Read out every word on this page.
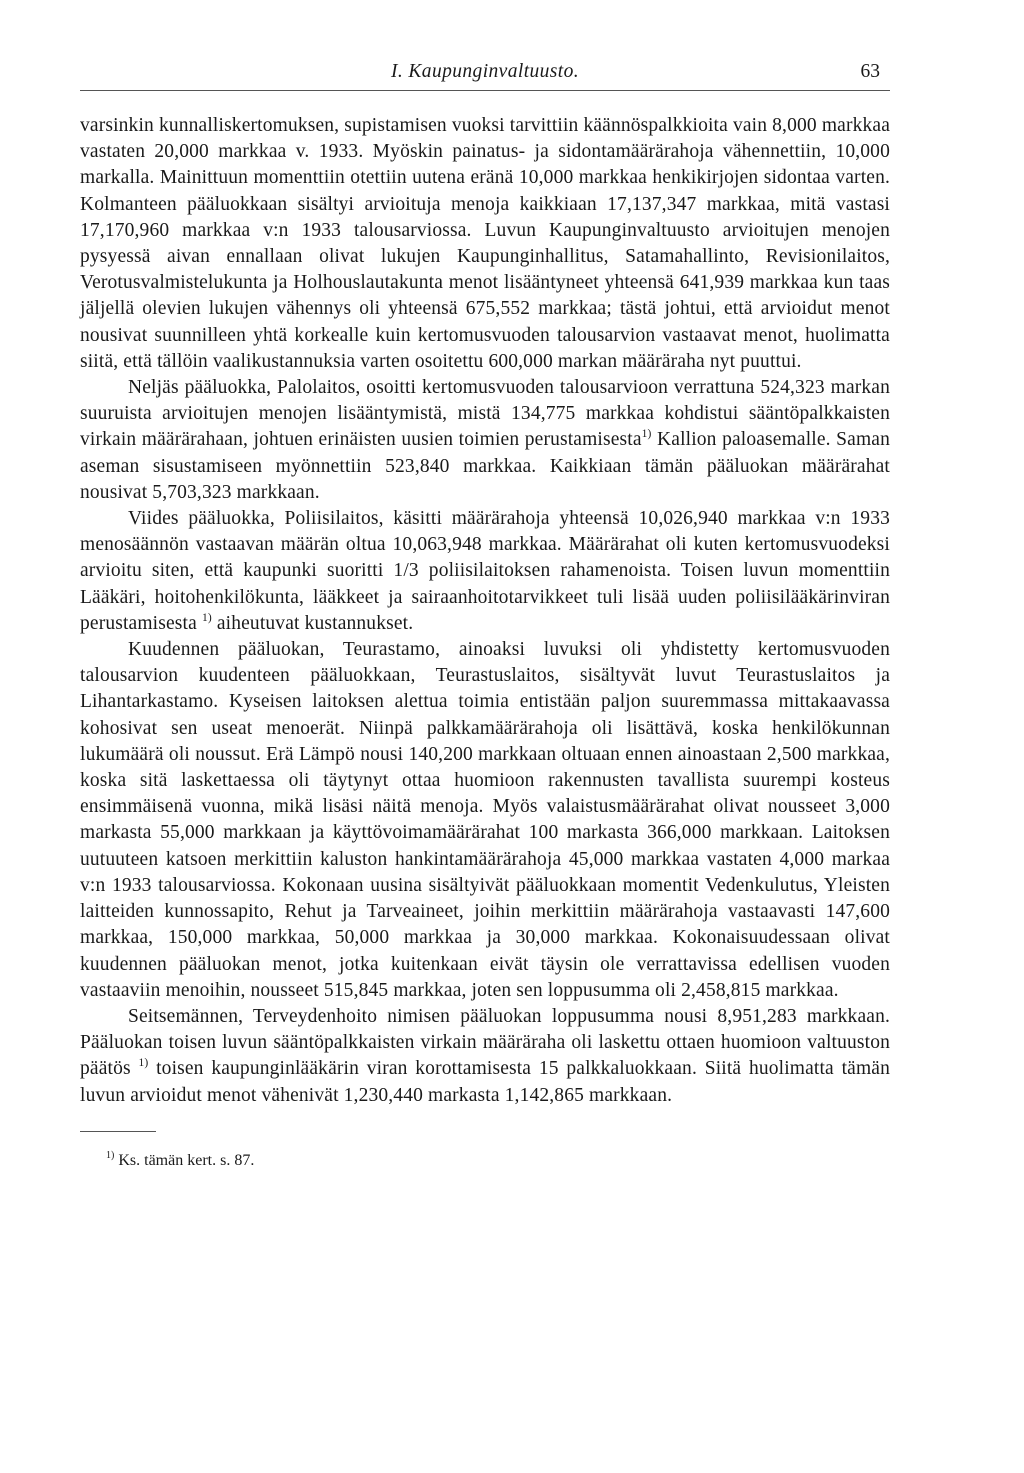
I. Kaupunginvaltuusto.	63

varsinkin kunnalliskertomuksen, supistamisen vuoksi tarvittiin käännöspalkkioita vain 8,000 markkaa vastaten 20,000 markkaa v. 1933. Myöskin painatus- ja sidontamäärärahoja vähennettiin, 10,000 markalla. Mainittuun momenttiin otettiin uutena eränä 10,000 markkaa henkikirjojen sidontaa varten. Kolmanteen pääluokkaan sisältyi arvioituja menoja kaikkiaan 17,137,347 markkaa, mitä vastasi 17,170,960 markkaa v:n 1933 talousarviossa. Luvun Kaupunginvaltuusto arvioitujen menojen pysyessä aivan ennallaan olivat lukujen Kaupunginhallitus, Satamahallinto, Revisionilaitos, Verotusvalmistelukunta ja Holhouslautakunta menot lisääntyneet yhteensä 641,939 markkaa kun taas jäljellä olevien lukujen vähennys oli yhteensä 675,552 markkaa; tästä johtui, että arvioidut menot nousivat suunnilleen yhtä korkealle kuin kertomusvuoden talousarvion vastaavat menot, huolimatta siitä, että tällöin vaalikustannuksia varten osoitettu 600,000 markan määräraha nyt puuttui.

Neljäs pääluokka, Palolaitos, osoitti kertomusvuoden talousarvioon verrattuna 524,323 markan suuruista arvioitujen menojen lisääntymistä, mistä 134,775 markkaa kohdistui sääntöpalkkaisten virkain määrärahaan, johtuen erinäisten uusien toimien perustamisesta$^{1)}$ Kallion paloasemalle. Saman aseman sisustamiseen myönnettiin 523,840 markkaa. Kaikkiaan tämän pääluokan määrärahat nousivat 5,703,323 markkaan.

Viides pääluokka, Poliisilaitos, käsitti määrärahoja yhteensä 10,026,940 markkaa v:n 1933 menosäännön vastaavan määrän oltua 10,063,948 markkaa. Määrärahat oli kuten kertomusvuodeksi arvioitu siten, että kaupunki suoritti 1/3 poliisilaitoksen rahamenoista. Toisen luvun momenttiin Lääkäri, hoitohenkilökunta, lääkkeet ja sairaanhoitotarvikkeet tuli lisää uuden poliisilääkärinviran perustamisesta $^{1)}$ aiheutuvat kustannukset.

Kuudennen pääluokan, Teurastamo, ainoaksi luvuksi oli yhdistetty kertomusvuoden talousarvion kuudenteen pääluokkaan, Teurastuslaitos, sisältyvät luvut Teurastuslaitos ja Lihantarkastamo. Kyseisen laitoksen alettua toimia entistään paljon suuremmassa mittakaavassa kohosivat sen useat menoerät. Niinpä palkkamäärärahoja oli lisättävä, koska henkilökunnan lukumäärä oli noussut. Erä Lämpö nousi 140,200 markkaan oltuaan ennen ainoastaan 2,500 markkaa, koska sitä laskettaessa oli täytynyt ottaa huomioon rakennusten tavallista suurempi kosteus ensimmäisenä vuonna, mikä lisäsi näitä menoja. Myös valaistusmäärärahat olivat nousseet 3,000 markasta 55,000 markkaan ja käyttövoimamäärärahat 100 markasta 366,000 markkaan. Laitoksen uutuuteen katsoen merkittiin kaluston hankintamäärärahoja 45,000 markkaa vastaten 4,000 markaa v:n 1933 talousarviossa. Kokonaan uusina sisältyivät pääluokkaan momentit Vedenkulutus, Yleisten laitteiden kunnossapito, Rehut ja Tarveaineet, joihin merkittiin määrärahoja vastaavasti 147,600 markkaa, 150,000 markkaa, 50,000 markkaa ja 30,000 markkaa. Kokonaisuudessaan olivat kuudennen pääluokan menot, jotka kuitenkaan eivät täysin ole verrattavissa edellisen vuoden vastaaviin menoihin, nousseet 515,845 markkaa, joten sen loppusumma oli 2,458,815 markkaa.

Seitsemännen, Terveydenhoito nimisen pääluokan loppusumma nousi 8,951,283 markkaan. Pääluokan toisen luvun sääntöpalkkaisten virkain määräraha oli laskettu ottaen huomioon valtuuston päätös $^{1)}$ toisen kaupunginlääkärin viran korottamisesta 15 palkkaluokkaan. Siitä huolimatta tämän luvun arvioidut menot vähenivät 1,230,440 markasta 1,142,865 markkaan.

$^{1)}$ Ks. tämän kert. s. 87.
